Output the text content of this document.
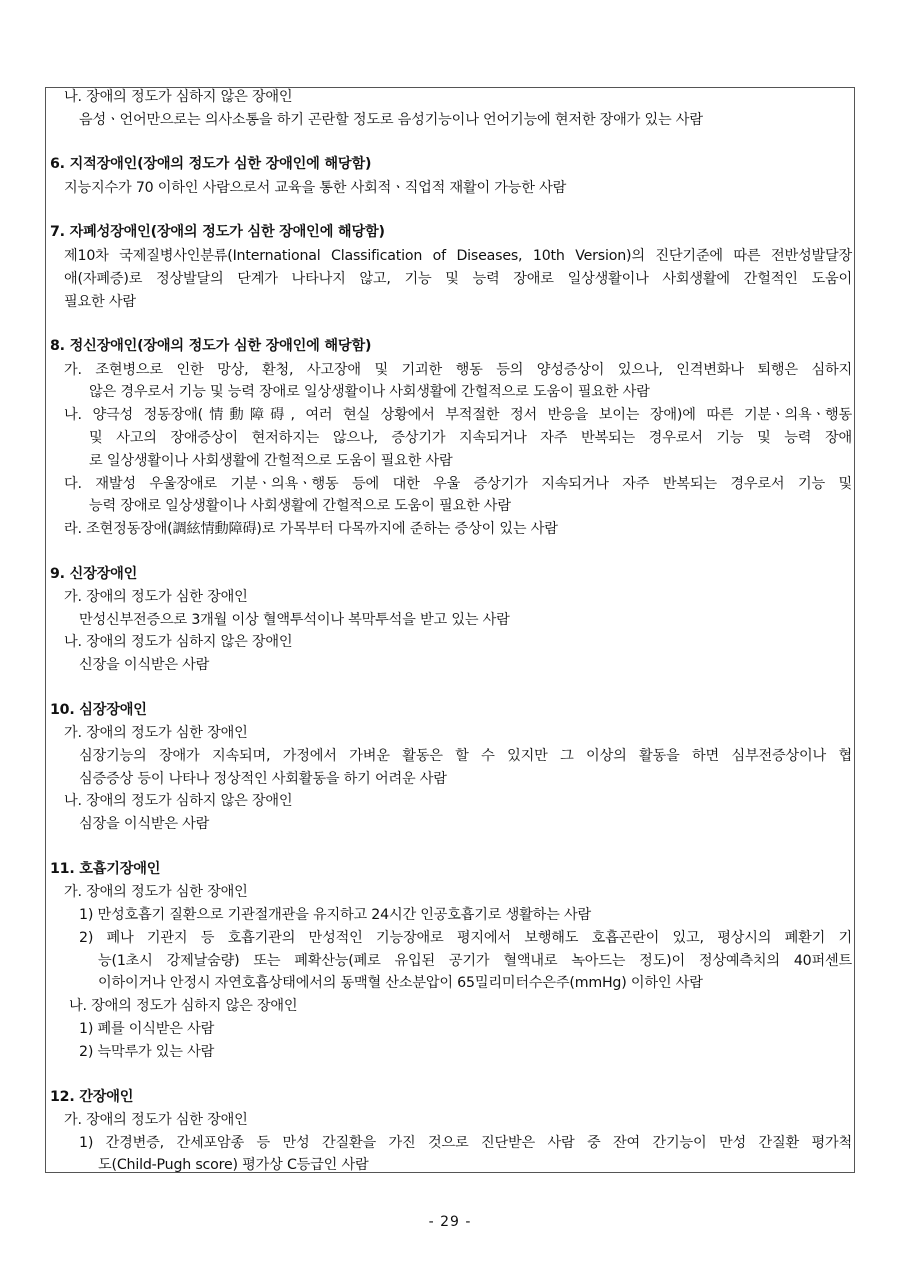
나. 장애의 정도가 심하지 않은 장애인
음성ㆍ언어만으로는 의사소통을 하기 곤란할 정도로 음성기능이나 언어기능에 현저한 장애가 있는 사람
6. 지적장애인(장애의 정도가 심한 장애인에 해당함)
지능지수가 70 이하인 사람으로서 교육을 통한 사회적ㆍ직업적 재활이 가능한 사람
7. 자폐성장애인(장애의 정도가 심한 장애인에 해당함)
제10차 국제질병사인분류(International Classification of Diseases, 10th Version)의 진단기준에 따른 전반성발달장
애(자폐증)로 정상발달의 단계가 나타나지 않고, 기능 및 능력 장애로 일상생활이나 사회생활에 간헐적인 도움이
필요한 사람
8. 정신장애인(장애의 정도가 심한 장애인에 해당함)
가. 조현병으로 인한 망상, 환청, 사고장애 및 기괴한 행동 등의 양성증상이 있으나, 인격변화나 퇴행은 심하지
않은 경우로서 기능 및 능력 장애로 일상생활이나 사회생활에 간헐적으로 도움이 필요한 사람
나. 양극성 정동장애(情動障碍, 여러 현실 상황에서 부적절한 정서 반응을 보이는 장애)에 따른 기분ㆍ의욕ㆍ행동
및 사고의 장애증상이 현저하지는 않으나, 증상기가 지속되거나 자주 반복되는 경우로서 기능 및 능력 장애
로 일상생활이나 사회생활에 간헐적으로 도움이 필요한 사람
다. 재발성 우울장애로 기분ㆍ의욕ㆍ행동 등에 대한 우울 증상기가 지속되거나 자주 반복되는 경우로서 기능 및
능력 장애로 일상생활이나 사회생활에 간헐적으로 도움이 필요한 사람
라. 조현정동장애(調絃情動障碍)로 가목부터 다목까지에 준하는 증상이 있는 사람
9. 신장장애인
가. 장애의 정도가 심한 장애인
만성신부전증으로 3개월 이상 혈액투석이나 복막투석을 받고 있는 사람
나. 장애의 정도가 심하지 않은 장애인
신장을 이식받은 사람
10. 심장장애인
가. 장애의 정도가 심한 장애인
심장기능의 장애가 지속되며, 가정에서 가벼운 활동은 할 수 있지만 그 이상의 활동을 하면 심부전증상이나 협
심증증상 등이 나타나 정상적인 사회활동을 하기 어려운 사람
나. 장애의 정도가 심하지 않은 장애인
심장을 이식받은 사람
11. 호흡기장애인
가. 장애의 정도가 심한 장애인
1) 만성호흡기 질환으로 기관절개관을 유지하고 24시간 인공호흡기로 생활하는 사람
2) 폐나 기관지 등 호흡기관의 만성적인 기능장애로 평지에서 보행해도 호흡곤란이 있고, 평상시의 폐환기 기
능(1초시 강제날숨량) 또는 폐확산능(폐로 유입된 공기가 혈액내로 녹아드는 정도)이 정상예측치의 40퍼센트
이하이거나 안정시 자연호흡상태에서의 동맥혈 산소분압이 65밀리미터수은주(mmHg) 이하인 사람
나. 장애의 정도가 심하지 않은 장애인
1) 폐를 이식받은 사람
2) 늑막루가 있는 사람
12. 간장애인
가. 장애의 정도가 심한 장애인
1) 간경변증, 간세포암종 등 만성 간질환을 가진 것으로 진단받은 사람 중 잔여 간기능이 만성 간질환 평가척
도(Child-Pugh score) 평가상 C등급인 사람
- 29 -
